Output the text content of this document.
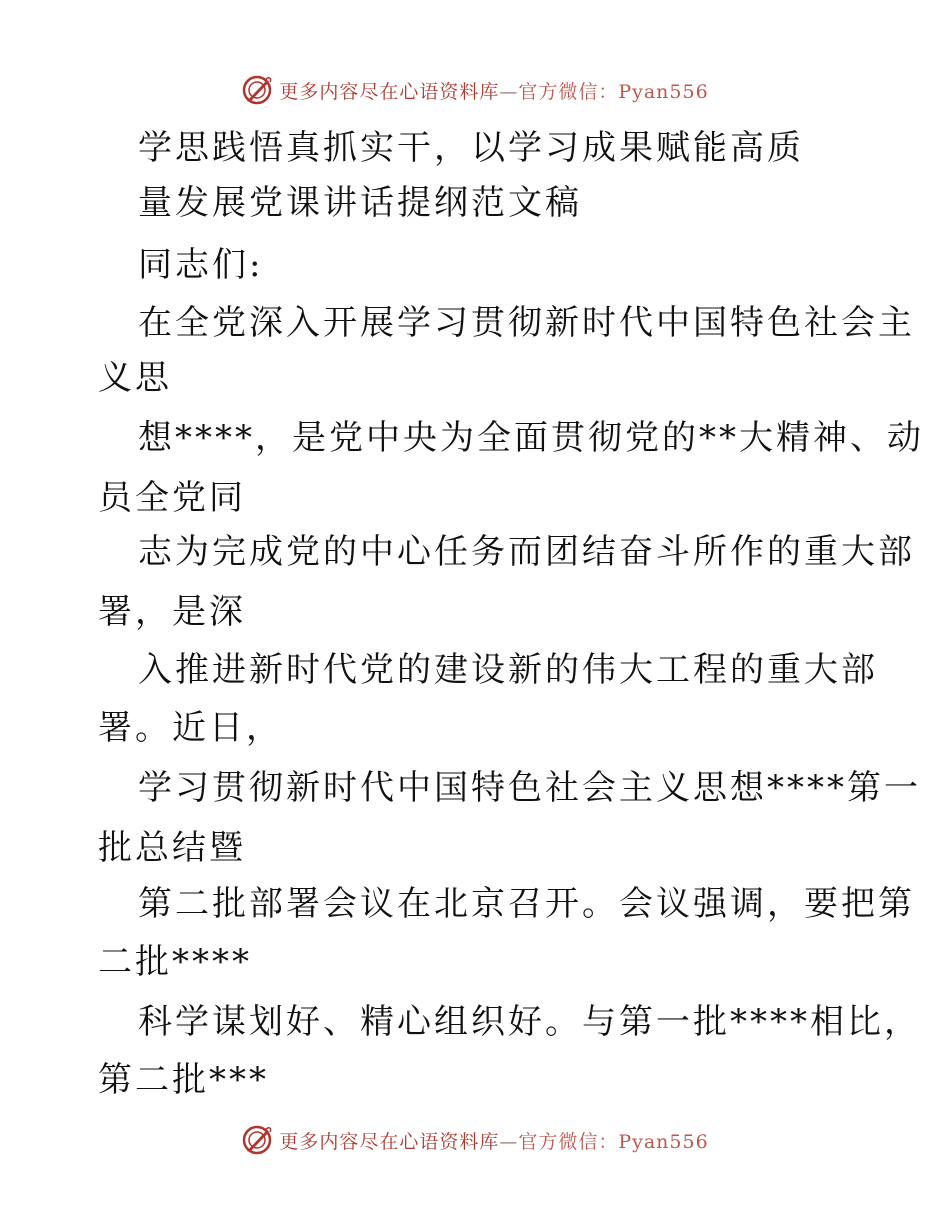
更多内容尽在心语资料库—官方微信：Pyan556
学思践悟真抓实干，以学习成果赋能高质
量发展党课讲话提纲范文稿
同志们:
在全党深入开展学习贯彻新时代中国特色社会主
义思
想****，是党中央为全面贯彻党的**大精神、动
员全党同
志为完成党的中心任务而团结奋斗所作的重大部
署，是深
入推进新时代党的建设新的伟大工程的重大部
署。近日，
学习贯彻新时代中国特色社会主义思想****第一
批总结暨
第二批部署会议在北京召开。会议强调，要把第
二批****
科学谋划好、精心组织好。与第一批****相比，
第二批***
更多内容尽在心语资料库—官方微信：Pyan556
